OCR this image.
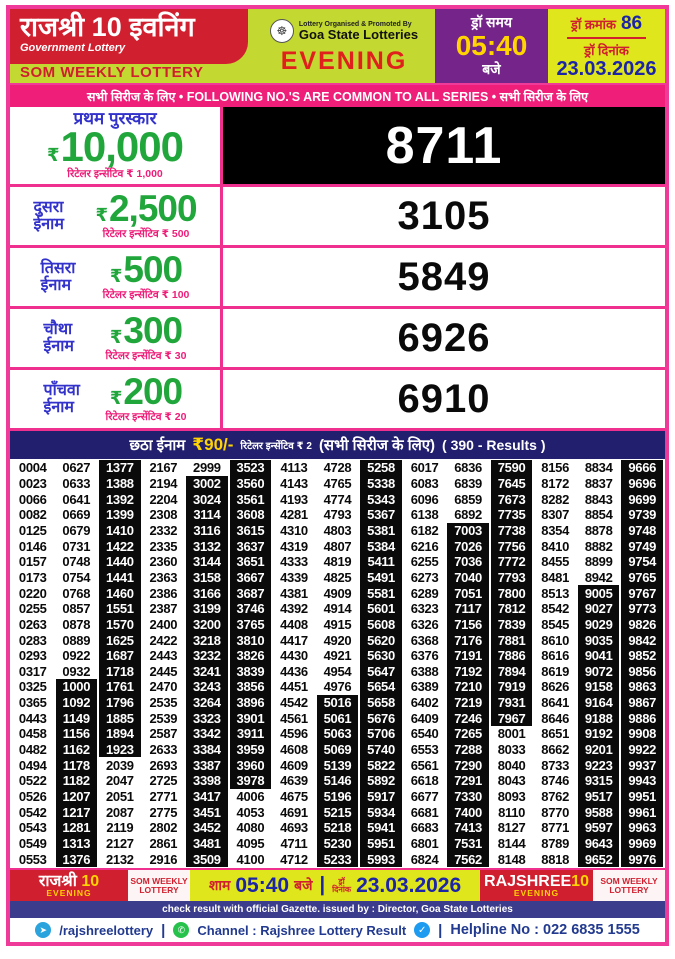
राजश्री 10 इवनिंग
Government Lottery
SOM WEEKLY LOTTERY
☸	Lottery Organised & Promoted By
Goa State Lotteries
EVENING
ड्रॉ समय
05:40
बजे
ड्रॉ क्रमांक 86
ड्रॉ दिनांक
23.03.2026
सभी सिरीज के लिए • FOLLOWING NO.'S ARE COMMON TO ALL SERIES • सभी सिरीज के लिए
प्रथम पुरस्कार
₹ 10,000
रिटेलर इन्सेंटिव ₹ 1,000	8711
दुसरा
ईनाम	₹ 2,500
रिटेलर इन्सेंटिव ₹ 500	3105
तिसरा
ईनाम	₹ 500
रिटेलर इन्सेंटिव ₹ 100	5849
चौथा
ईनाम	₹ 300
रिटेलर इन्सेंटिव ₹ 30	6926
पाँचवा
ईनाम	₹ 200
रिटेलर इन्सेंटिव ₹ 20	6910
छठा ईनाम ₹90/- रिटेलर इन्सेंटिव ₹ 2 (सभी सिरीज के लिए) ( 390 - Results )
0004	0627	1377	2167	2999	3523	4113	4728	5258	6017	6836	7590	8156	8834	9666
0023	0633	1388	2194	3002	3560	4143	4765	5338	6083	6839	7645	8172	8837	9696
0066	0641	1392	2204	3024	3561	4193	4774	5343	6096	6859	7673	8282	8843	9699
0082	0669	1399	2308	3114	3608	4281	4793	5367	6138	6892	7735	8307	8854	9739
0125	0679	1410	2332	3116	3615	4310	4803	5381	6182	7003	7738	8354	8878	9748
0146	0731	1422	2335	3132	3637	4319	4807	5384	6216	7026	7756	8410	8882	9749
0157	0748	1440	2360	3144	3651	4333	4819	5411	6255	7036	7772	8455	8899	9754
0173	0754	1441	2363	3158	3667	4339	4825	5491	6273	7040	7793	8481	8942	9765
0220	0768	1460	2386	3166	3687	4381	4909	5581	6289	7051	7800	8513	9005	9767
0255	0857	1551	2387	3199	3746	4392	4914	5601	6323	7117	7812	8542	9027	9773
0263	0878	1570	2400	3200	3765	4408	4915	5608	6326	7156	7839	8545	9029	9826
0283	0889	1625	2422	3218	3810	4417	4920	5620	6368	7176	7881	8610	9035	9842
0293	0922	1687	2443	3232	3826	4430	4921	5630	6376	7191	7886	8616	9041	9852
0317	0932	1718	2445	3241	3839	4436	4954	5647	6388	7192	7894	8619	9072	9856
0325	1000	1761	2470	3243	3856	4451	4976	5654	6389	7210	7919	8626	9158	9863
0365	1092	1796	2535	3264	3896	4542	5016	5658	6402	7219	7931	8641	9164	9867
0443	1149	1885	2539	3323	3901	4561	5061	5676	6409	7246	7967	8646	9188	9886
0458	1156	1894	2587	3342	3911	4596	5063	5706	6540	7265	8001	8651	9192	9908
0482	1162	1923	2633	3384	3959	4608	5069	5740	6553	7288	8033	8662	9201	9922
0494	1178	2039	2693	3387	3960	4609	5139	5822	6561	7290	8040	8733	9223	9937
0522	1182	2047	2725	3398	3978	4639	5146	5892	6618	7291	8043	8746	9315	9943
0526	1207	2051	2771	3417	4006	4675	5196	5917	6677	7330	8093	8762	9517	9951
0542	1217	2087	2775	3451	4053	4691	5215	5934	6681	7400	8110	8770	9588	9961
0543	1281	2119	2802	3452	4080	4693	5218	5941	6683	7413	8127	8771	9597	9963
0549	1313	2127	2861	3481	4095	4711	5230	5951	6801	7531	8144	8789	9643	9969
0553	1376	2132	2916	3509	4100	4712	5233	5993	6824	7562	8148	8818	9652	9976
राजश्री 10
EVENING
SOM WEEKLY LOTTERY	शाम 05:40 बजे |	ड्रॉ
दिनांक 23.03.2026 RAJSHREE10
EVENING
SOM WEEKLY LOTTERY
check result with official Gazette. issued by : Director, Goa State Lotteries
➤ /rajshreelottery |	✆ Channel : Rajshree Lottery Result	✓ | Helpline No : 022 6835 1555
